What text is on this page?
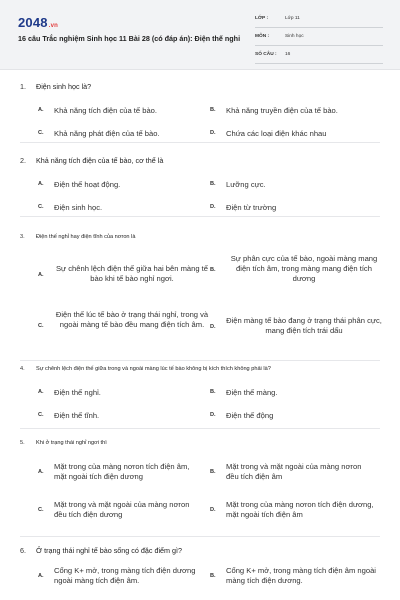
2048.vn
16 câu Trắc nghiệm Sinh học 11 Bài 28 (có đáp án): Điện thế nghỉ
LỚP :	Lớp 11
MÔN :	Sinh học
SỐ CÂU : 16
1. Điện sinh học là?
A. Khả năng tích điện của tế bào.	B. Khả năng truyền điện của tế bào.
C. Khả năng phát điện của tế bào.	D. Chứa các loại điện khác nhau
2. Khả năng tích điện của tế bào, cơ thể là
A. Điện thế hoạt động.	B. Lưỡng cực.
C. Điện sinh học.	D. Điện từ trường
3. Điện thế nghỉ hay điện tĩnh của nơron là
A.
Sự chênh lệch điện thế giữa hai bên màng tế bào khi tế bào nghỉ ngơi.
B.
Sự phân cực của tế bào, ngoài màng mang điện tích âm, trong màng mang điện tích dương
C.
Điện thế lúc tế bào ở trạng thái nghỉ, trong và ngoài màng tế bào đều mang điện tích âm.	D.
Điện màng tế bào đang ở trạng thái phân cực, mang điện tích trái dấu
4. Sự chênh lệch điện thế giữa trong và ngoài màng lúc tế bào không bị kích thích không phải là?
A. Điện thế nghỉ.	B. Điện thế màng.
C. Điện thế tĩnh.	D. Điện thế động
5. Khi ở trạng thái nghỉ ngơi thì
A.
Mặt trong của màng nơron tích điện âm, mặt ngoài tích điện dương	B.
Mặt trong và mặt ngoài của màng nơron đều tích điện âm
C.
Mặt trong và mặt ngoài của màng nơron đều tích điện dương	D.
Mặt trong của màng nơron tích điện dương, mặt ngoài tích điện âm
6. Ở trạng thái nghỉ tế bào sống có đặc điểm gì?
A.
Cổng K+ mở, trong màng tích điện dương ngoài màng tích điện âm.	B.
Cổng K+ mở, trong màng tích điện âm ngoài màng tích điện dương.
